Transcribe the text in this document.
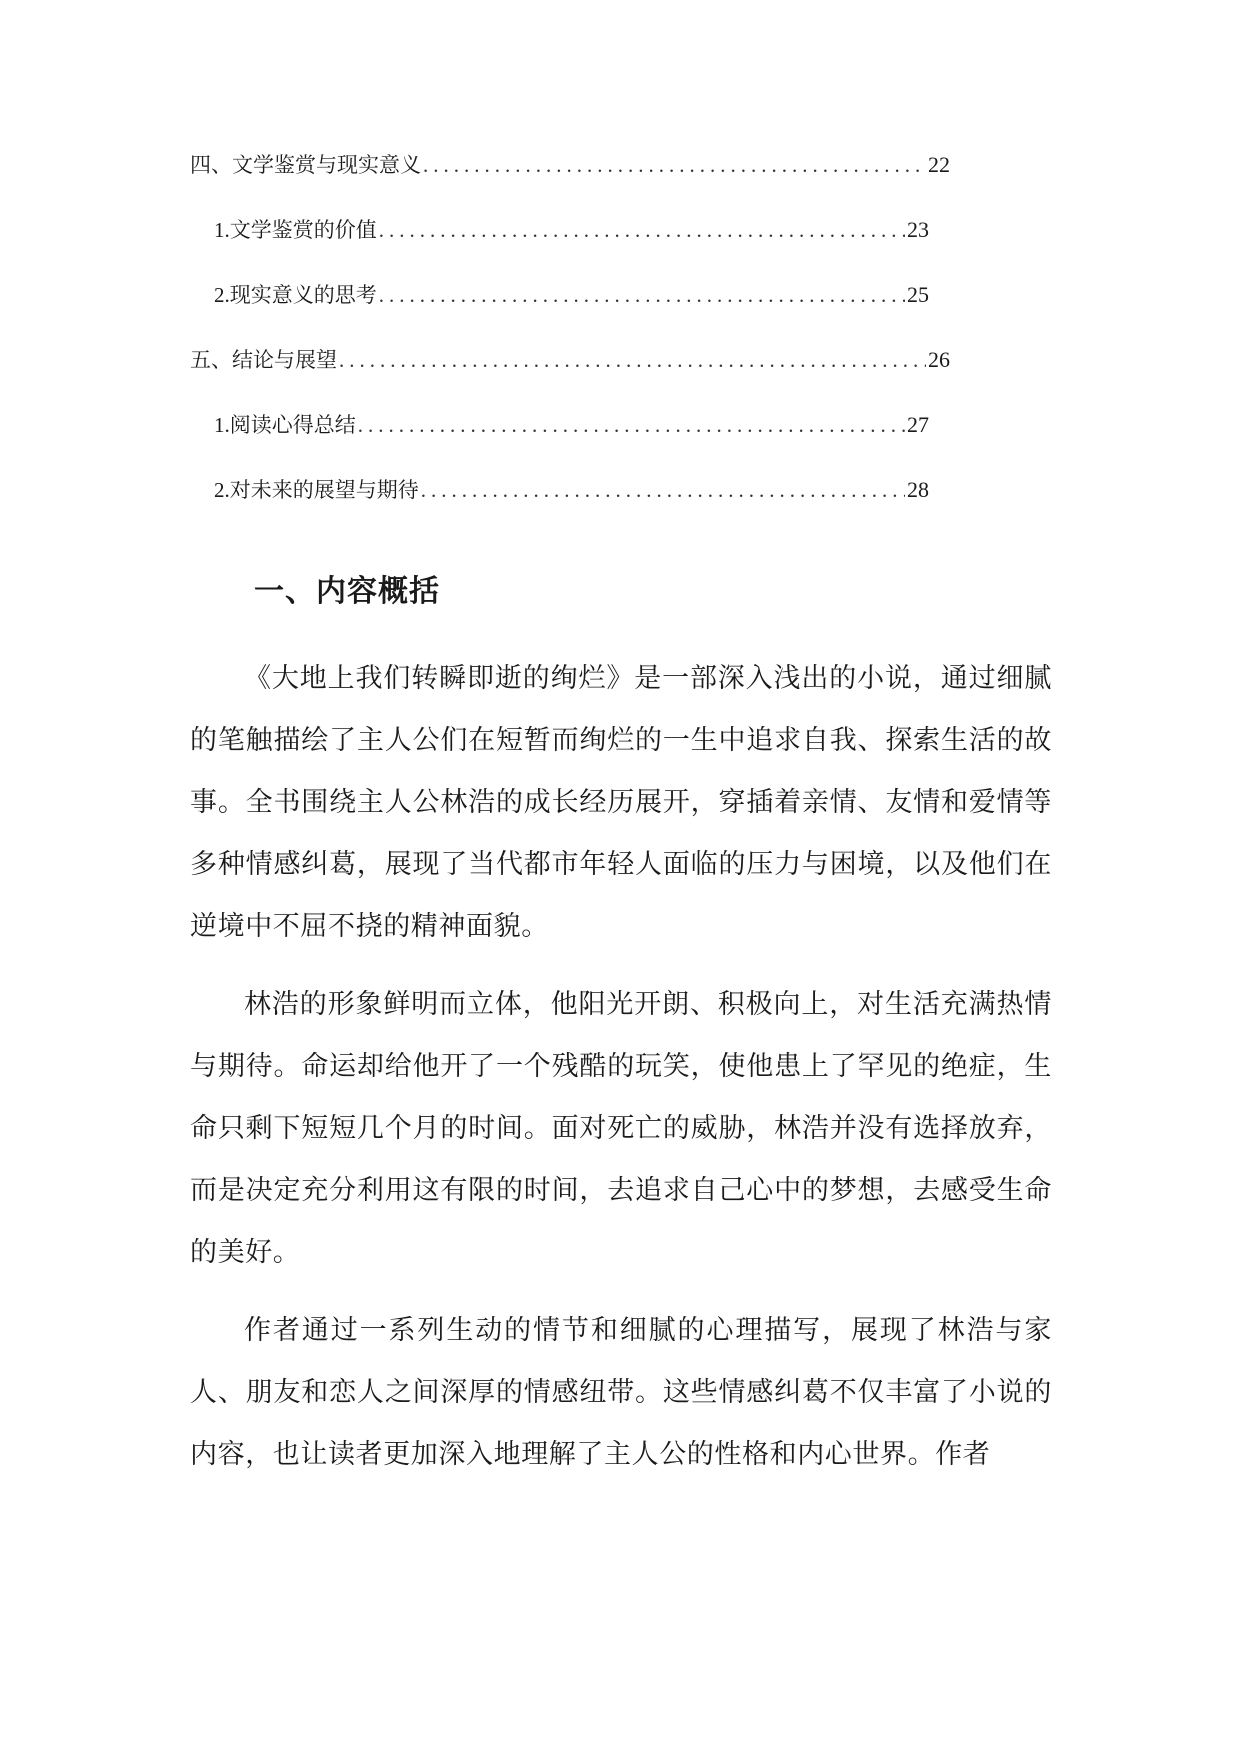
四、文学鉴赏与现实意义 .....	22
1. 文学鉴赏的价值 .....	23
2. 现实意义的思考 .....	25
五、结论与展望 .....	26
1. 阅读心得总结 .....	27
2. 对未来的展望与期待 .....	28
一、内容概括

《大地上我们转瞬即逝的绚烂》是一部深入浅出的小说，通过细腻的笔触描绘了主人公们在短暂而绚烂的一生中追求自我、探索生活的故事。全书围绕主人公林浩的成长经历展开，穿插着亲情、友情和爱情等多种情感纠葛，展现了当代都市年轻人面临的压力与困境，以及他们在逆境中不屈不挠的精神面貌。

林浩的形象鲜明而立体，他阳光开朗、积极向上，对生活充满热情与期待。命运却给他开了一个残酷的玩笑，使他患上了罕见的绝症，生命只剩下短短几个月的时间。面对死亡的威胁，林浩并没有选择放弃，而是决定充分利用这有限的时间，去追求自己心中的梦想，去感受生命的美好。

作者通过一系列生动的情节和细腻的心理描写，展现了林浩与家人、朋友和恋人之间深厚的情感纽带。这些情感纠葛不仅丰富了小说的内容，也让读者更加深入地理解了主人公的性格和内心世界。作者
